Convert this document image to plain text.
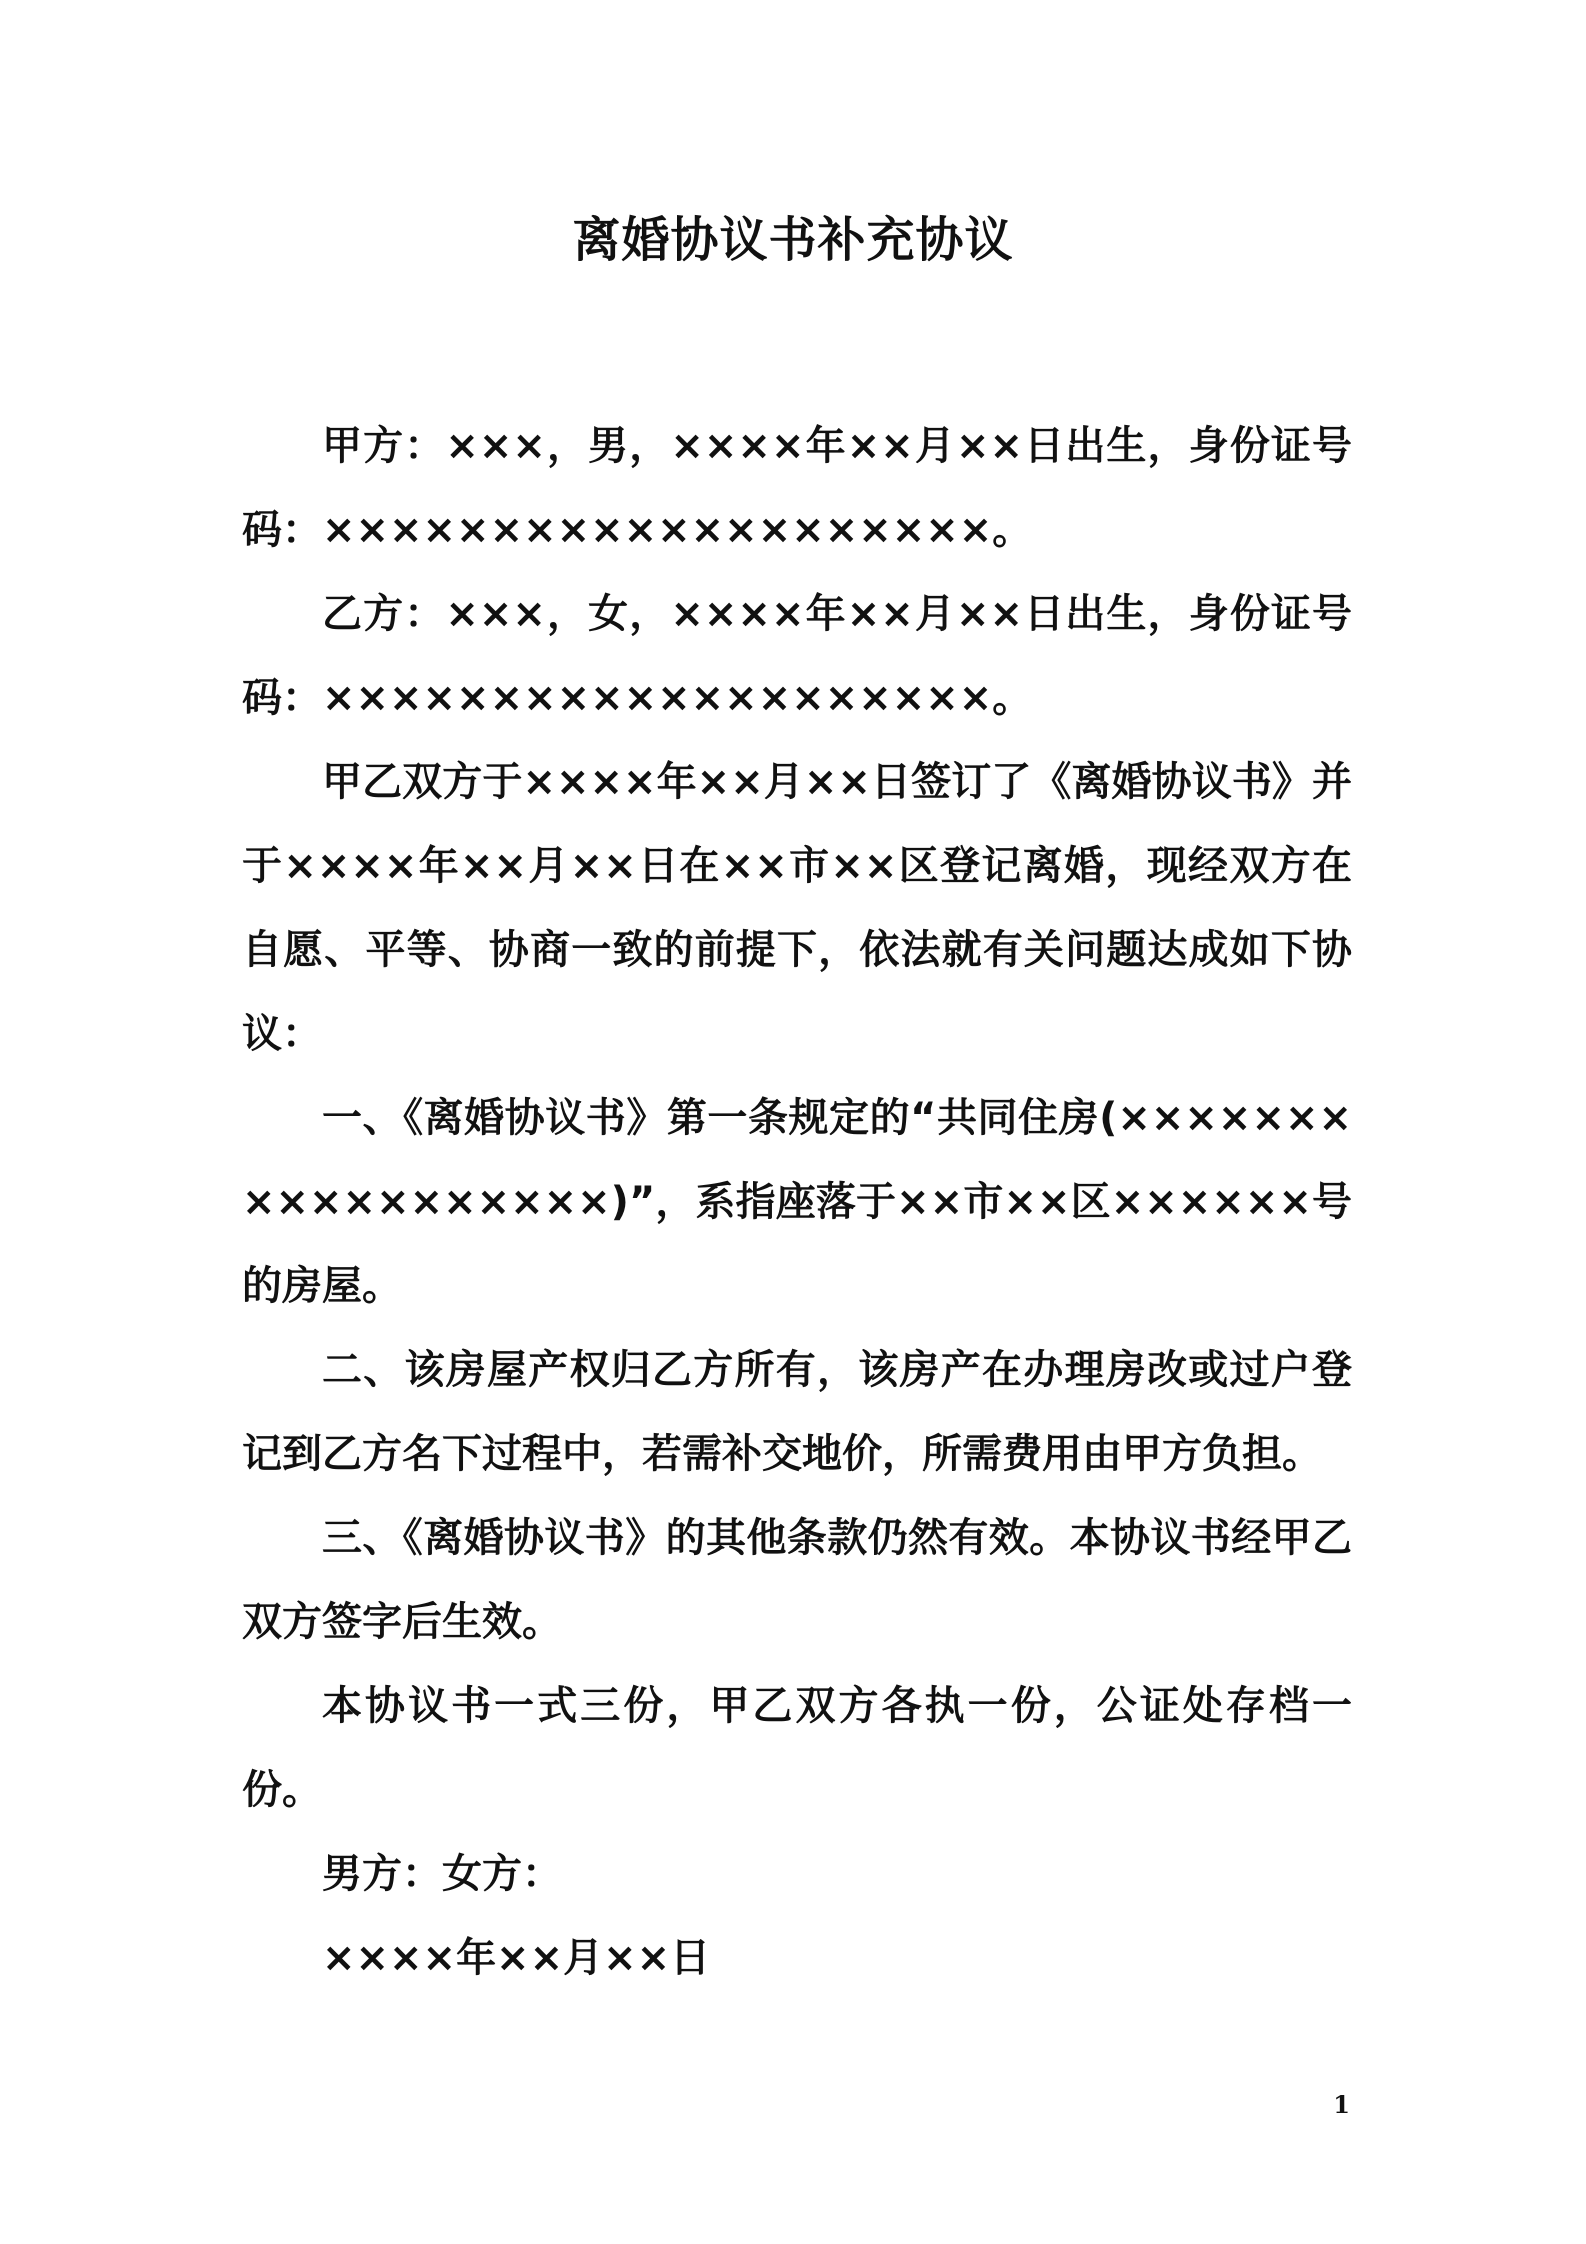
离婚协议书补充协议

甲方：×××，男，××××年××月××日出生，身份证号码：××××××××××××××××××××。

乙方：×××，女，××××年××月××日出生，身份证号码：××××××××××××××××××××。

甲乙双方于××××年××月××日签订了《离婚协议书》并于××××年××月××日在××市××区登记离婚，现经双方在自愿、平等、协商一致的前提下，依法就有关问题达成如下协议：

一、《离婚协议书》第一条规定的“共同住房(××××××××××××××××××)”，系指座落于××市××区××××××号的房屋。

二、该房屋产权归乙方所有，该房产在办理房改或过户登记到乙方名下过程中，若需补交地价，所需费用由甲方负担。

三、《离婚协议书》的其他条款仍然有效。本协议书经甲乙双方签字后生效。

本协议书一式三份，甲乙双方各执一份，公证处存档一份。

男方：女方：

××××年××月××日

1
